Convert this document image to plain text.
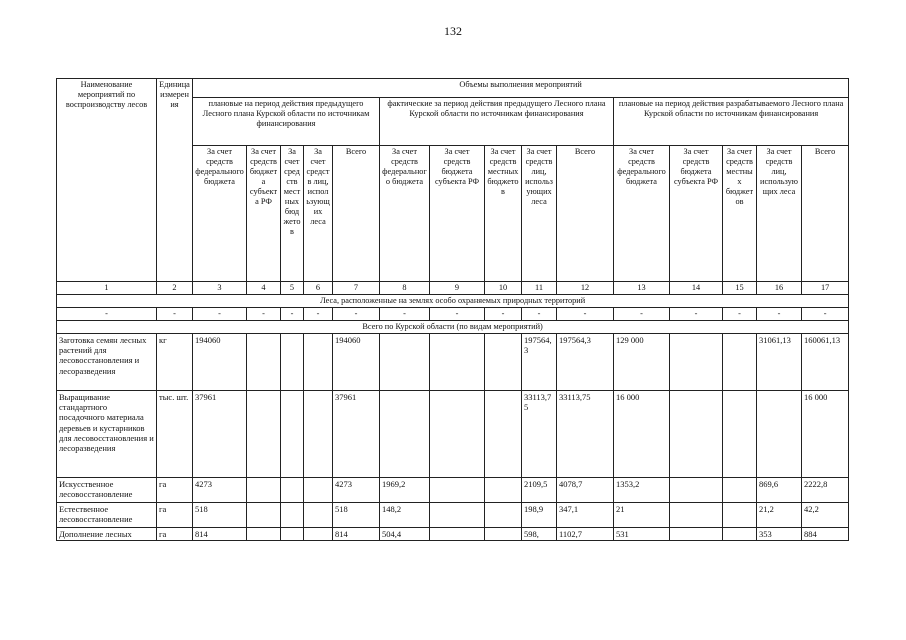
132
Наименование мероприятий по воспроизводству лесов	Единица измерения	Объемы выполнения мероприятий														
		плановые на период действия предыдущего Лесного плана Курской области по источникам финансирования					фактические за период действия предыдущего Лесного плана Курской области по источникам финансирования					плановые на период действия разрабатываемого Лесного плана Курской области по источникам финансирования				
		За счет средств федерального бюджета	За счет средств бюджета субъекта РФ	За счет средств местных бюджетов	За счет средств лиц, использующих леса	Всего	За счет средств федерального бюджета	За счет средств бюджета субъекта РФ	За счет средств местных бюджетов	За счет средств лиц, использующих леса	Всего	За счет средств федерального бюджета	За счет средств бюджета субъекта РФ	За счет средств местных бюджетов	За счет средств лиц, использующих леса	Всего
1	2	3	4	5	6	7	8	9	10	11	12	13	14	15	16	17
Леса, расположенные на землях особо охраняемых природных территорий																
-	-	-	-	-	-	-	-	-	-	-	-	-	-	-	-	-
Всего по Курской области (по видам мероприятий)																
Заготовка семян лесных растений для лесовосстановления и лесоразведения	кг	194060				194060				197564,3	197564,3	129 000			31061,13	160061,13
Выращивание стандартного посадочного материала деревьев и кустарников для лесовосстановления и лесоразведения	тыс. шт.	37961				37961				33113,75	33113,75	16 000				16 000
Искусственное лесовосстановление	га	4273				4273	1969,2			2109,5	4078,7	1353,2			869,6	2222,8
Естественное лесовосстановление	га	518				518	148,2			198,9	347,1	21			21,2	42,2
Дополнение лесных	га	814				814	504,4			598,	1102,7	531			353	884
